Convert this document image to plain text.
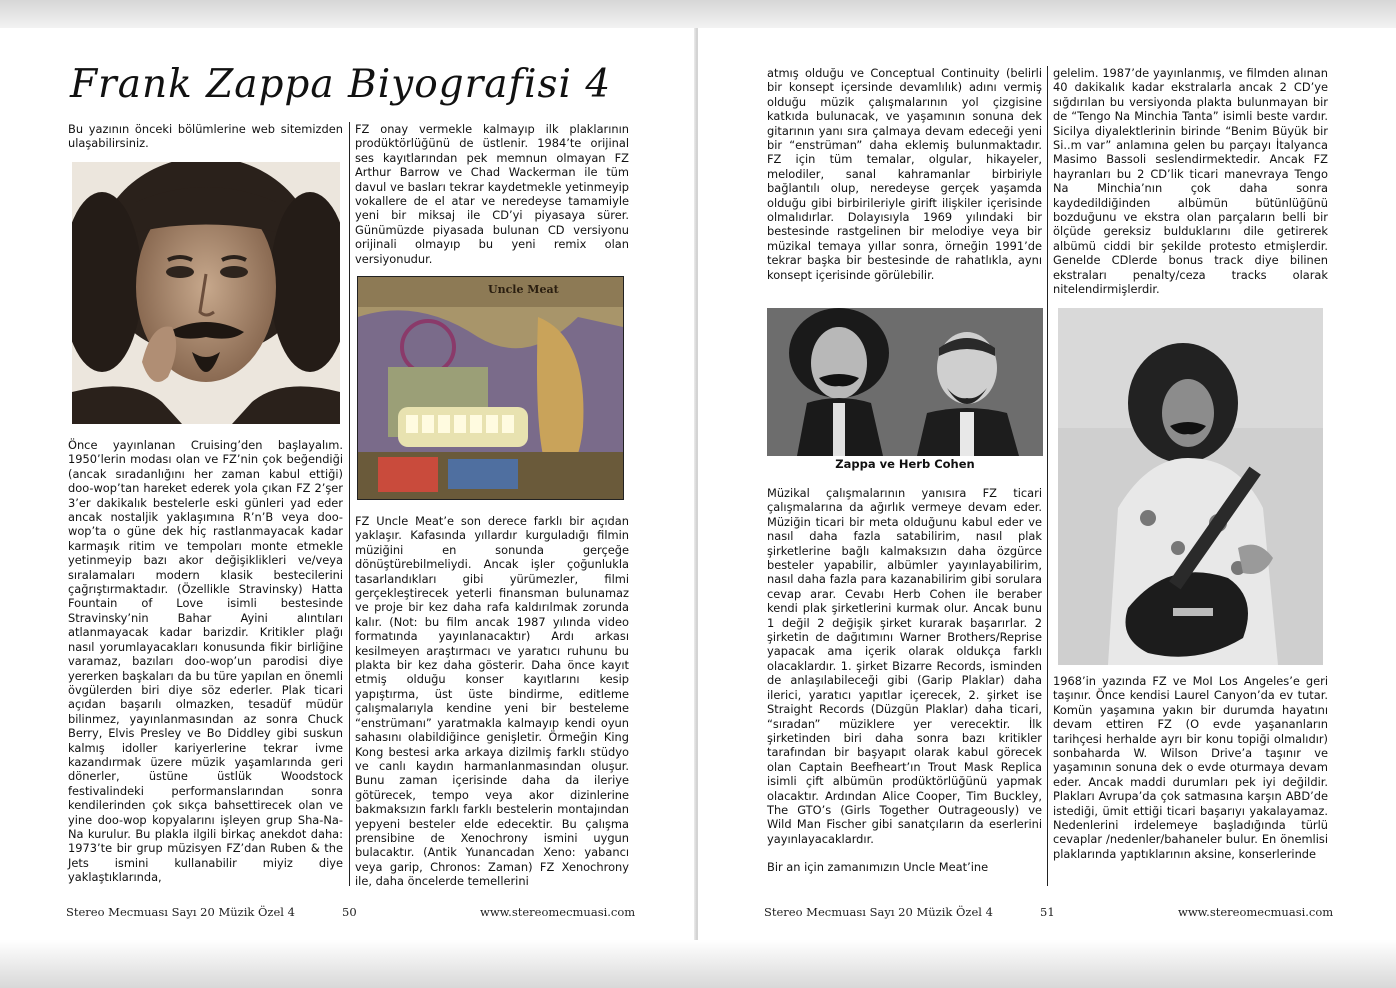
Frank Zappa Biyografisi 4

Bu yazının önceki bölümlerine web sitemizden ulaşabilirsiniz.

Önce yayınlanan Cruising’den başlayalım. 1950’lerin modası olan ve FZ’nin çok beğendiği (ancak sıradanlığını her zaman kabul ettiği) doo-wop’tan hareket ederek yola çıkan FZ 2’şer 3’er dakikalık bestelerle eski günleri yad eder ancak nostaljik yaklaşımına R’n’B veya doo-wop’ta o güne dek hiç rastlanmayacak kadar karmaşık ritim ve tempoları monte etmekle yetinmeyip bazı akor değişiklikleri ve/veya sıralamaları modern klasik bestecilerini çağrıştırmaktadır. (Özellikle Stravinsky) Hatta Fountain of Love isimli bestesinde Stravinsky’nin Bahar Ayini alıntıları atlanmayacak kadar barizdir. Kritikler plağı nasıl yorumlayacakları konusunda fikir birliğine varamaz, bazıları doo-wop’un parodisi diye yererken başkaları da bu türe yapılan en önemli övgülerden biri diye söz ederler. Plak ticari açıdan başarılı olmazken, tesadüf müdür bilinmez, yayınlanmasından az sonra Chuck Berry, Elvis Presley ve Bo Diddley gibi suskun kalmış idoller kariyerlerine tekrar ivme kazandırmak üzere müzik yaşamlarında geri dönerler, üstüne üstlük Woodstock festivalindeki performanslarından sonra kendilerinden çok sıkça bahsettirecek olan ve yine doo-wop kopyalarını işleyen grup Sha-Na-Na kurulur. Bu plakla ilgili birkaç anekdot daha: 1973’te bir grup müzisyen FZ’dan Ruben & the Jets ismini kullanabilir miyiz diye yaklaştıklarında,

FZ onay vermekle kalmayıp ilk plaklarının prodüktörlüğünü de üstlenir. 1984’te orijinal ses kayıtlarından pek memnun olmayan FZ Arthur Barrow ve Chad Wackerman ile tüm davul ve basları tekrar kaydetmekle yetinmeyip vokallere de el atar ve neredeyse tamamiyle yeni bir miksaj ile CD’yi piyasaya sürer. Günümüzde piyasada bulunan CD versiyonu orijinali olmayıp bu yeni remix olan versiyonudur.

Uncle Meat

FZ Uncle Meat’e son derece farklı bir açıdan yaklaşır. Kafasında yıllardır kurguladığı filmin müziğini en sonunda gerçeğe dönüştürebilmeliydi. Ancak işler çoğunlukla tasarlandıkları gibi yürümezler, filmi gerçekleştirecek yeterli finansman bulunamaz ve proje bir kez daha rafa kaldırılmak zorunda kalır. (Not: bu film ancak 1987 yılında video formatında yayınlanacaktır) Ardı arkası kesilmeyen araştırmacı ve yaratıcı ruhunu bu plakta bir kez daha gösterir. Daha önce kayıt etmiş olduğu konser kayıtlarını kesip yapıştırma, üst üste bindirme, editleme çalışmalarıyla kendine yeni bir besteleme “enstrümanı” yaratmakla kalmayıp kendi oyun sahasını olabildiğince genişletir. Örmeğin King Kong bestesi arka arkaya dizilmiş farklı stüdyo ve canlı kaydın harmanlanmasından oluşur. Bunu zaman içerisinde daha da ileriye götürecek, tempo veya akor dizinlerine bakmaksızın farklı farklı bestelerin montajından yepyeni besteler elde edecektir. Bu çalışma prensibine de Xenochrony ismini uygun bulacaktır. (Antik Yunancadan Xeno: yabancı veya garip, Chronos: Zaman) FZ Xenochrony ile, daha öncelerde temellerini

Stereo Mecmuası Sayı 20 Müzik Özel 4	50	www.stereomecmuasi.com

atmış olduğu ve Conceptual Continuity (belirli bir konsept içersinde devamlılık) adını vermiş olduğu müzik çalışmalarının yol çizgisine katkıda bulunacak, ve yaşamının sonuna dek gitarının yanı sıra çalmaya devam edeceği yeni bir “enstrüman” daha eklemiş bulunmaktadır. FZ için tüm temalar, olgular, hikayeler, melodiler, sanal kahramanlar birbiriyle bağlantılı olup, neredeyse gerçek yaşamda olduğu gibi birbirileriyle girift ilişkiler içerisinde olmalıdırlar. Dolayısıyla 1969 yılındaki bir bestesinde rastgelinen bir melodiye veya bir müzikal temaya yıllar sonra, örneğin 1991’de tekrar başka bir bestesinde de rahatlıkla, aynı konsept içerisinde görülebilir.

Zappa ve Herb Cohen

Müzikal çalışmalarının yanısıra FZ ticari çalışmalarına da ağırlık vermeye devam eder. Müziğin ticari bir meta olduğunu kabul eder ve nasıl daha fazla satabilirim, nasıl plak şirketlerine bağlı kalmaksızın daha özgürce besteler yapabilir, albümler yayınlayabilirim, nasıl daha fazla para kazanabilirim gibi sorulara cevap arar. Cevabı Herb Cohen ile beraber kendi plak şirketlerini kurmak olur. Ancak bunu 1 değil 2 değişik şirket kurarak başarırlar. 2 şirketin de dağıtımını Warner Brothers/Reprise yapacak ama içerik olarak oldukça farklı olacaklardır. 1. şirket Bizarre Records, isminden de anlaşılabileceği gibi (Garip Plaklar) daha ilerici, yaratıcı yapıtlar içerecek, 2. şirket ise Straight Records (Düzgün Plaklar) daha ticari, “sıradan” müziklere yer verecektir. İlk şirketinden biri daha sonra bazı kritikler tarafından bir başyapıt olarak kabul görecek olan Captain Beefheart’ın Trout Mask Replica isimli çift albümün prodüktörlüğünü yapmak olacaktır. Ardından Alice Cooper, Tim Buckley, The GTO’s (Girls Together Outrageously) ve Wild Man Fischer gibi sanatçıların da eserlerini yayınlayacaklardır.

Bir an için zamanımızın Uncle Meat’ine

gelelim. 1987’de yayınlanmış, ve filmden alınan 40 dakikalık kadar ekstralarla ancak 2 CD’ye sığdırılan bu versiyonda plakta bulunmayan bir de “Tengo Na Minchia Tanta” isimli beste vardır. Sicilya diyalektlerinin birinde “Benim Büyük bir Si..m var” anlamına gelen bu parçayı İtalyanca Masimo Bassoli seslendirmektedir. Ancak FZ hayranları bu 2 CD’lik ticari manevraya Tengo Na Minchia’nın çok daha sonra kaydedildiğinden albümün bütünlüğünü bozduğunu ve ekstra olan parçaların belli bir ölçüde gereksiz bulduklarını dile getirerek albümü ciddi bir şekilde protesto etmişlerdir. Genelde CDlerde bonus track diye bilinen ekstraları penalty/ceza tracks olarak nitelendirmişlerdir.

1968’in yazında FZ ve MoI Los Angeles’e geri taşınır. Önce kendisi Laurel Canyon’da ev tutar. Komün yaşamına yakın bir durumda hayatını devam ettiren FZ (O evde yaşananların tarihçesi herhalde ayrı bir konu topiği olmalıdır) sonbaharda W. Wilson Drive’a taşınır ve yaşamının sonuna dek o evde oturmaya devam eder. Ancak maddi durumları pek iyi değildir. Plakları Avrupa’da çok satmasına karşın ABD’de istediği, ümit ettiği ticari başarıyı yakalayamaz. Nedenlerini irdelemeye başladığında türlü cevaplar /nedenler/bahaneler bulur. En önemlisi plaklarında yaptıklarının aksine, konserlerinde

Stereo Mecmuası Sayı 20 Müzik Özel 4	51	www.stereomecmuasi.com
